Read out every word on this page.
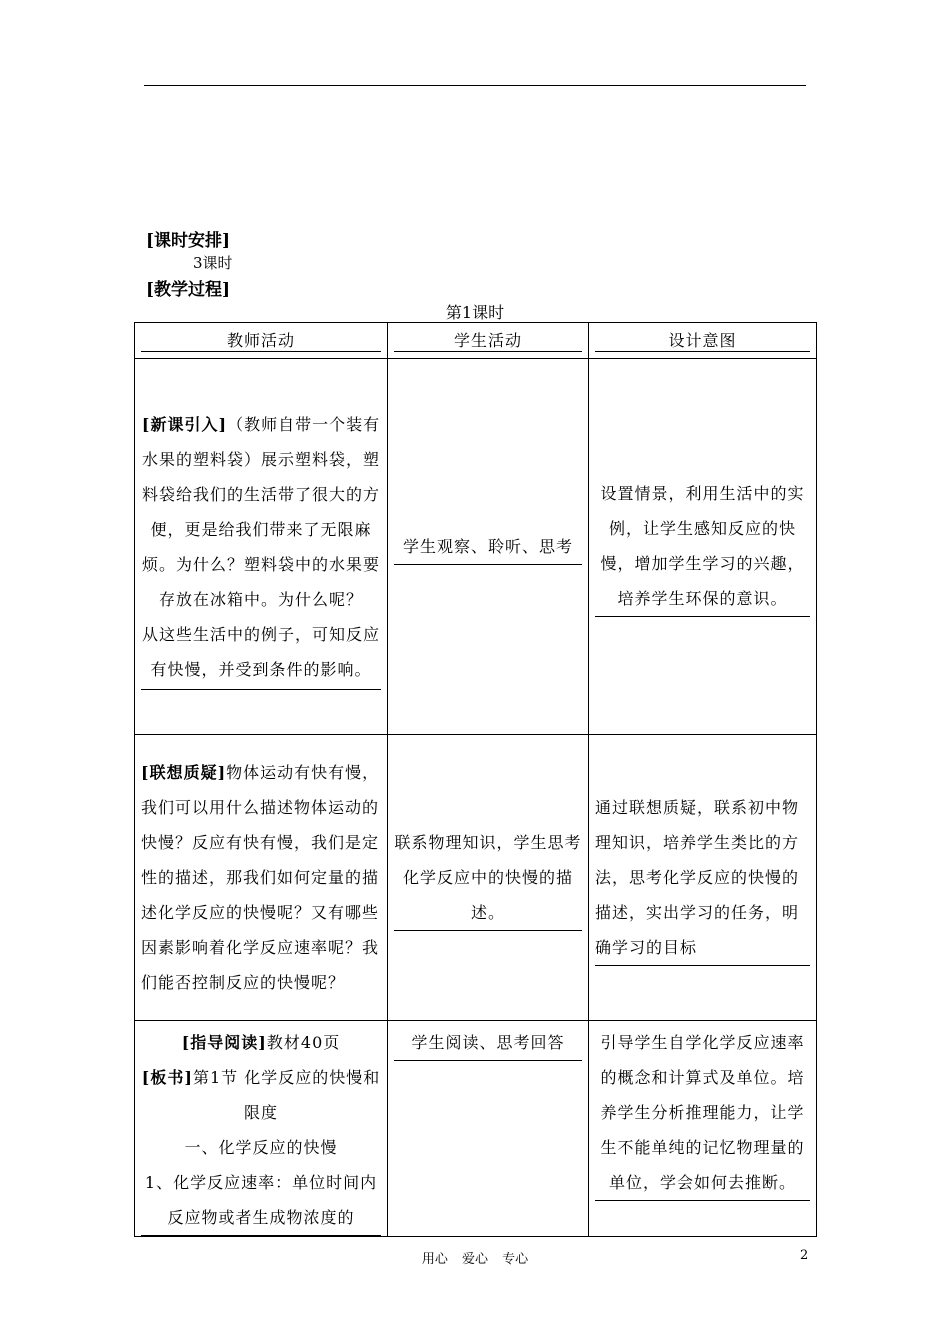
[课时安排]
3课时
[教学过程]
第1课时
教师活动	学生活动	设计意图

[新课引入]（教师自带一个装有水果的塑料袋）展示塑料袋，塑料袋给我们的生活带了很大的方便，更是给我们带来了无限麻烦。为什么？塑料袋中的水果要存放在冰箱中。为什么呢？
从这些生活中的例子，可知反应有快慢，并受到条件的影响。	学生观察、聆听、思考	设置情景，利用生活中的实例，让学生感知反应的快慢，增加学生学习的兴趣，培养学生环保的意识。

[联想质疑]物体运动有快有慢，我们可以用什么描述物体运动的快慢？反应有快有慢，我们是定性的描述，那我们如何定量的描述化学反应的快慢呢？又有哪些因素影响着化学反应速率呢？我们能否控制反应的快慢呢？	联系物理知识，学生思考化学反应中的快慢的描述。	通过联想质疑，联系初中物理知识，培养学生类比的方法，思考化学反应的快慢的描述，实出学习的任务，明确学习的目标

[指导阅读]教材40页
[板书]第1节 化学反应的快慢和限度
一、化学反应的快慢
1、化学反应速率：单位时间内反应物或者生成物浓度的	学生阅读、思考回答	引导学生自学化学反应速率的概念和计算式及单位。培养学生分析推理能力，让学生不能单纯的记忆物理量的单位，学会如何去推断。
用心 爱心 专心	2
